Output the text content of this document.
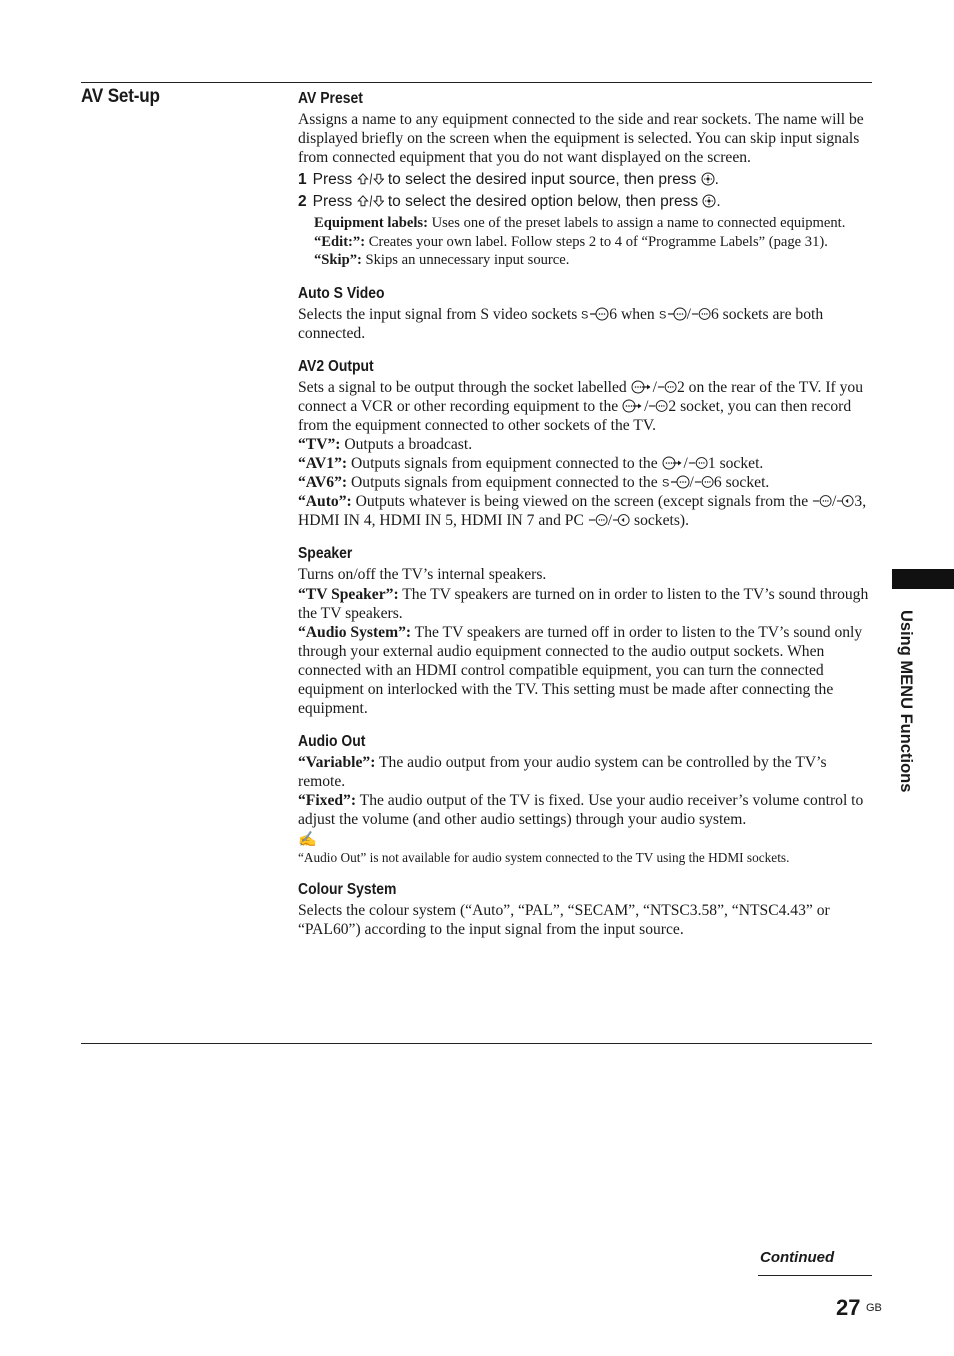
AV Set-up	AV Preset

Assigns a name to any equipment connected to the side and rear sockets. The name will be displayed briefly on the screen when the equipment is selected. You can skip input signals from connected equipment that you do not want displayed on the screen.

1 Press  to select the desired input source, then press .
2 Press  to select the desired option below, then press .

Equipment labels: Uses one of the preset labels to assign a name to connected equipment.

“Edit:”: Creates your own label. Follow steps 2 to 4 of “Programme Labels” (page 31).

“Skip”: Skips an unnecessary input source.

Auto S Video

Selects the input signal from S video sockets 6 when / 6 sockets are both connected.

AV2 Output

Sets a signal to be output through the socket labelled / 2 on the rear of the TV. If you connect a VCR or other recording equipment to the / 2 socket, you can then record from the equipment connected to other sockets of the TV.

“TV”: Outputs a broadcast.

“AV1”: Outputs signals from equipment connected to the / 1 socket.

“AV6”: Outputs signals from equipment connected to the / 6 socket.

“Auto”: Outputs whatever is being viewed on the screen (except signals from the / 3, HDMI IN 4, HDMI IN 5, HDMI IN 7 and PC / sockets).

Speaker

Turns on/off the TV’s internal speakers.

“TV Speaker”: The TV speakers are turned on in order to listen to the TV’s sound through the TV speakers.

“Audio System”: The TV speakers are turned off in order to listen to the TV’s sound only through your external audio equipment connected to the audio output sockets. When connected with an HDMI control compatible equipment, you can turn the connected equipment on interlocked with the TV. This setting must be made after connecting the equipment.

Audio Out

“Variable”: The audio output from your audio system can be controlled by the TV’s remote.

“Fixed”: The audio output of the TV is fixed. Use your audio receiver’s volume control to adjust the volume (and other audio settings) through your audio system.

✍

“Audio Out” is not available for audio system connected to the TV using the HDMI sockets.

Colour System

Selects the colour system (“Auto”, “PAL”, “SECAM”, “NTSC3.58”, “NTSC4.43” or “PAL60”) according to the input signal from the input source.

Using MENU Functions
Continued
27 GB
